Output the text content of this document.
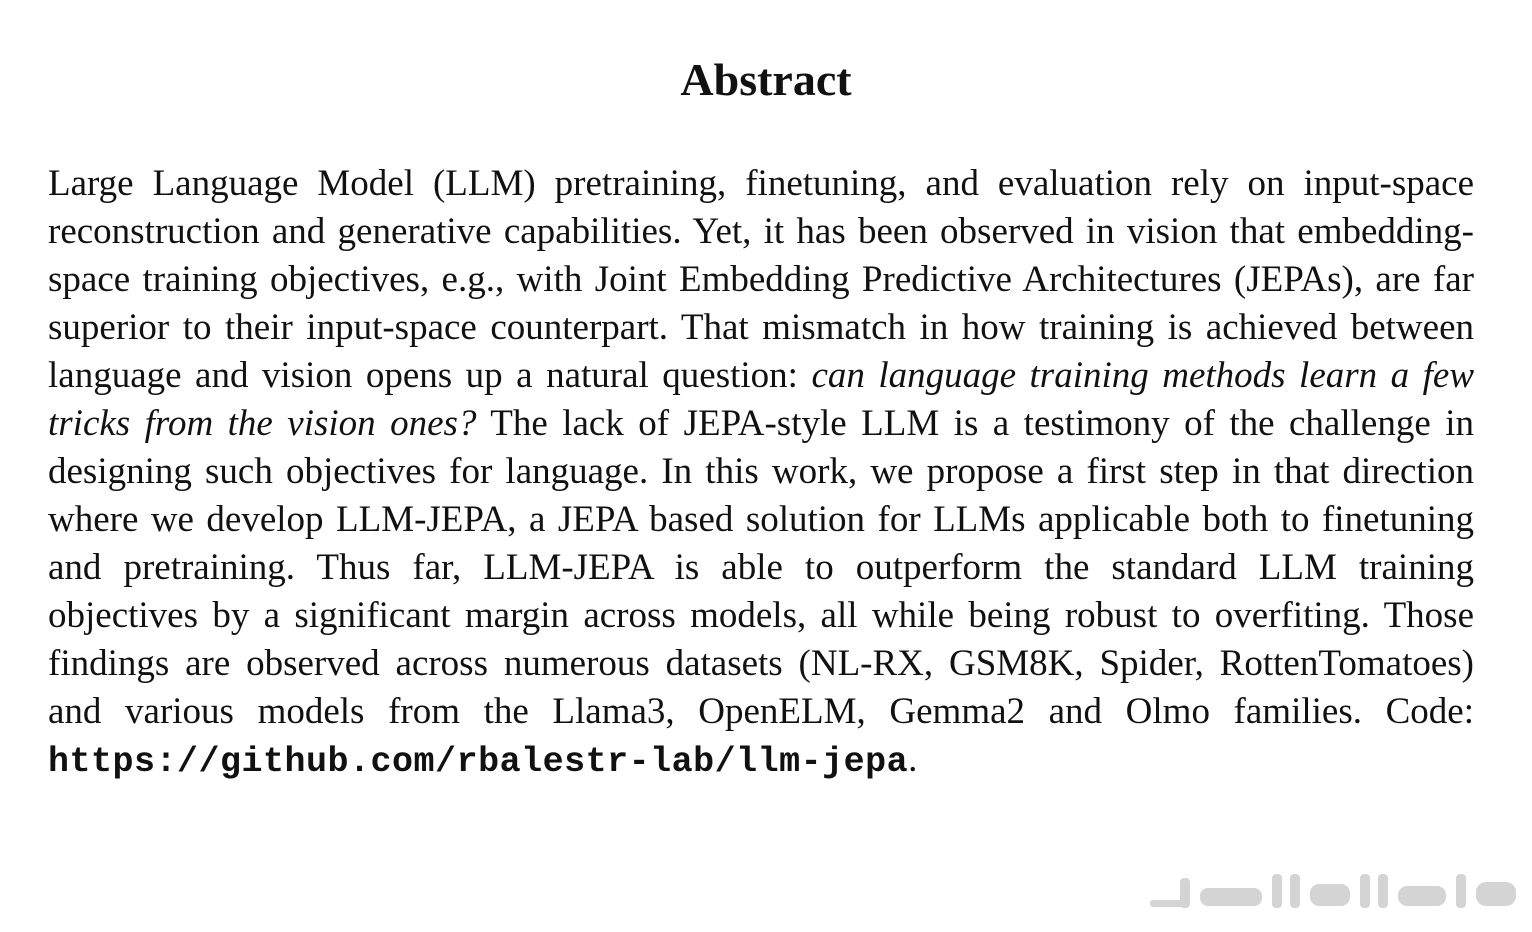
Abstract

Large Language Model (LLM) pretraining, finetuning, and evaluation rely on input-space reconstruction and generative capabilities. Yet, it has been observed in vision that embedding-space training objectives, e.g., with Joint Embedding Predictive Architectures (JEPAs), are far superior to their input-space counterpart. That mismatch in how training is achieved between language and vision opens up a natural question: can language training methods learn a few tricks from the vision ones? The lack of JEPA-style LLM is a testimony of the challenge in designing such objectives for language. In this work, we propose a first step in that direction where we develop LLM-JEPA, a JEPA based solution for LLMs applicable both to finetuning and pretraining. Thus far, LLM-JEPA is able to outperform the standard LLM training objectives by a significant margin across models, all while being robust to overfiting. Those findings are observed across numerous datasets (NL-RX, GSM8K, Spider, RottenTomatoes) and various models from the Llama3, OpenELM, Gemma2 and Olmo families. Code: https://github.com/rbalestr-lab/llm-jepa.
